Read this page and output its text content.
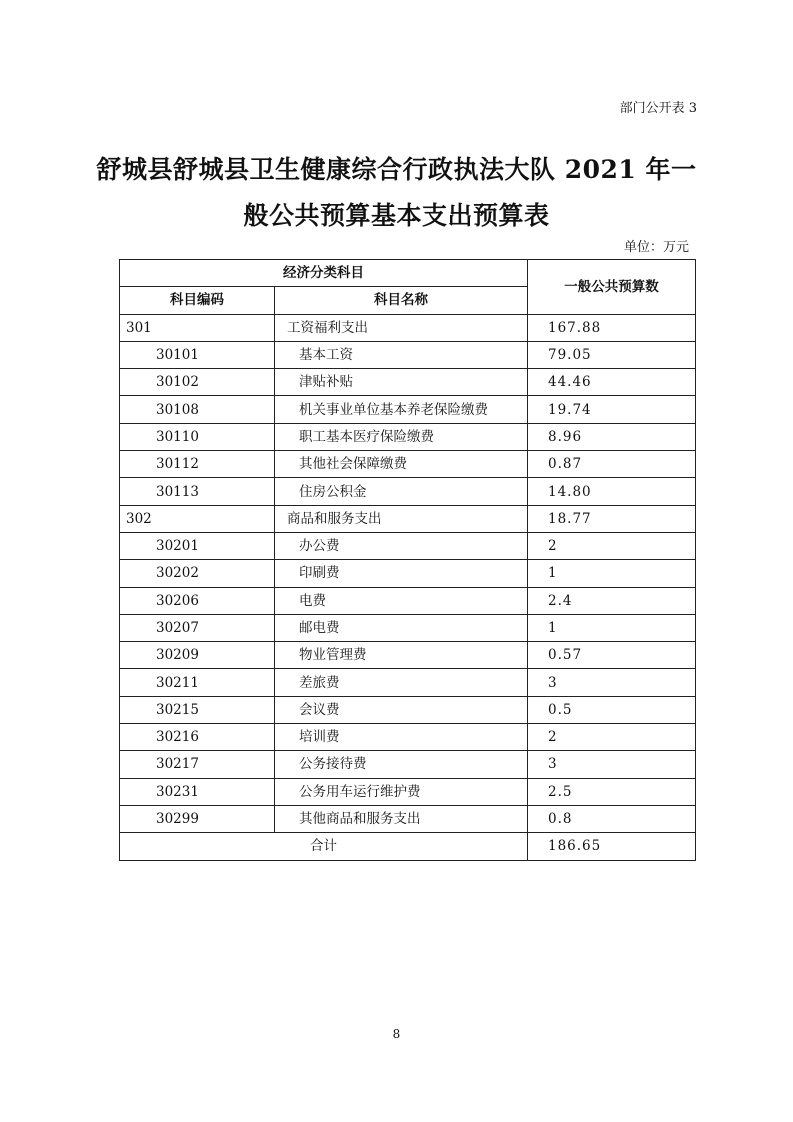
部门公开表 3
舒城县舒城县卫生健康综合行政执法大队 2021 年一
般公共预算基本支出预算表
单位：万元
经济分类科目		一般公共预算数
科目编码	科目名称	
301	工资福利支出	167.88
30101	基本工资	79.05
30102	津贴补贴	44.46
30108	机关事业单位基本养老保险缴费	19.74
30110	职工基本医疗保险缴费	8.96
30112	其他社会保障缴费	0.87
30113	住房公积金	14.80
302	商品和服务支出	18.77
30201	办公费	2
30202	印刷费	1
30206	电费	2.4
30207	邮电费	1
30209	物业管理费	0.57
30211	差旅费	3
30215	会议费	0.5
30216	培训费	2
30217	公务接待费	3
30231	公务用车运行维护费	2.5
30299	其他商品和服务支出	0.8
合计		186.65
8
